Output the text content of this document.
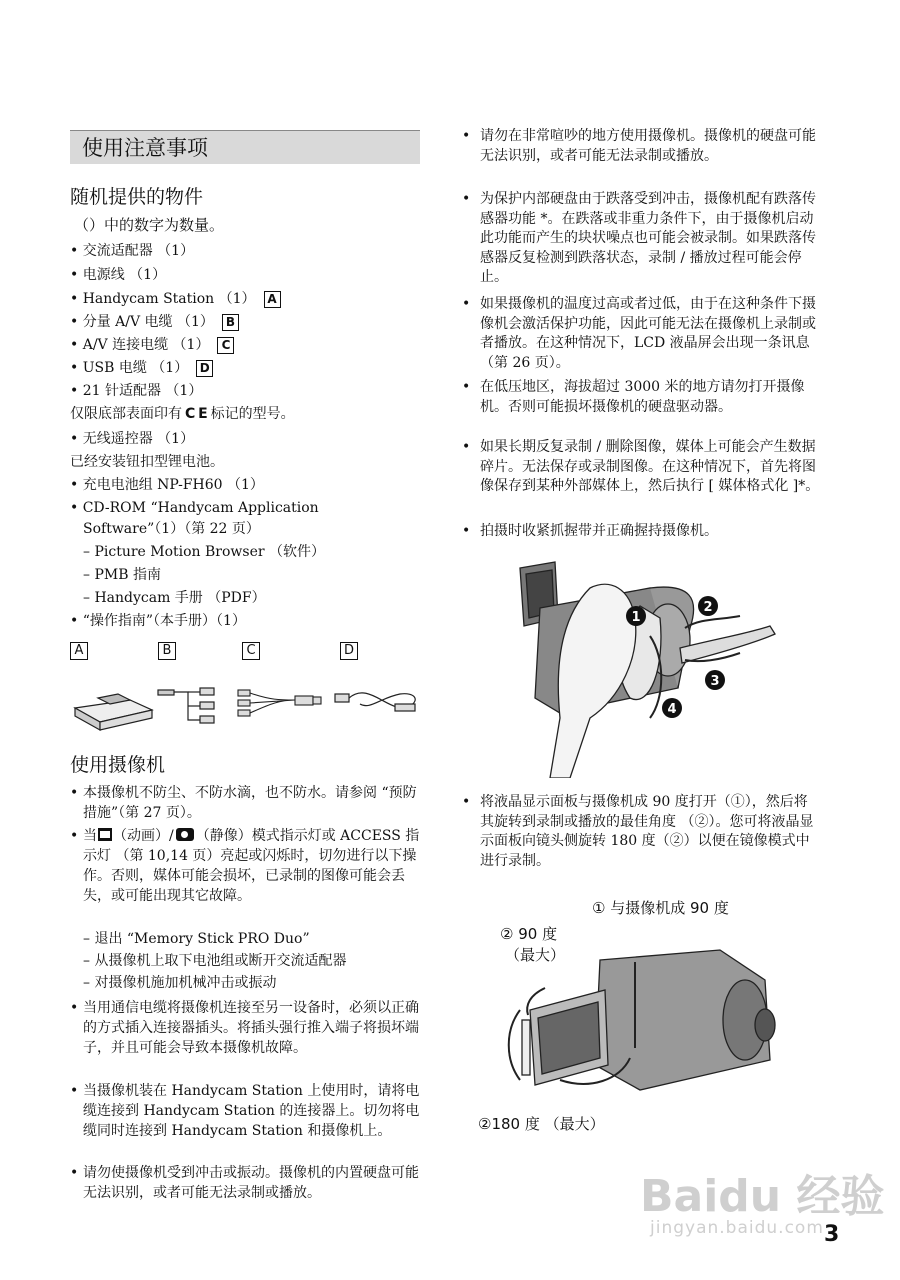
使用注意事项
随机提供的物件
（）中的数字为数量。
• 交流适配器 （1）
• 电源线 （1）
• Handycam Station （1） A
• 分量 A/V 电缆 （1） B
• A/V 连接电缆 （1） C
• USB 电缆 （1） D
• 21 针适配器 （1）
仅限底部表面印有 C E 标记的型号。
• 无线遥控器 （1）
已经安装钮扣型锂电池。
• 充电电池组 NP-FH60 （1）
• CD-ROM “Handycam Application
Software”（1）（第 22 页）
– Picture Motion Browser （软件）
– PMB 指南
– Handycam 手册 （PDF）
• “操作指南”（本手册）（1）
A	B	C	D
使用摄像机
• 本摄像机不防尘、不防水滴，也不防水。请参阅 “预防措施”（第 27 页）。
• 当 （动画）/ （静像）模式指示灯或 ACCESS 指示灯 （第 10,14 页）亮起或闪烁时，切勿进行以下操作。否则，媒体可能会损坏，已录制的图像可能会丢失，或可能出现其它故障。
– 退出 “Memory Stick PRO Duo”
– 从摄像机上取下电池组或断开交流适配器
– 对摄像机施加机械冲击或振动
• 当用通信电缆将摄像机连接至另一设备时，必须以正确的方式插入连接器插头。将插头强行推入端子将损坏端子，并且可能会导致本摄像机故障。
• 当摄像机装在 Handycam Station 上使用时，请将电缆连接到 Handycam Station 的连接器上。切勿将电缆同时连接到 Handycam Station 和摄像机上。
• 请勿使摄像机受到冲击或振动。摄像机的内置硬盘可能无法识别，或者可能无法录制或播放。
• 请勿在非常喧吵的地方使用摄像机。摄像机的硬盘可能无法识别，或者可能无法录制或播放。
• 为保护内部硬盘由于跌落受到冲击，摄像机配有跌落传感器功能 *。在跌落或非重力条件下，由于摄像机启动此功能而产生的块状噪点也可能会被录制。如果跌落传感器反复检测到跌落状态，录制 / 播放过程可能会停止。
• 如果摄像机的温度过高或者过低，由于在这种条件下摄像机会激活保护功能，因此可能无法在摄像机上录制或者播放。在这种情况下，LCD 液晶屏会出现一条讯息（第 26 页）。
• 在低压地区，海拔超过 3000 米的地方请勿打开摄像机。否则可能损坏摄像机的硬盘驱动器。
• 如果长期反复录制 / 删除图像，媒体上可能会产生数据碎片。无法保存或录制图像。在这种情况下，首先将图像保存到某种外部媒体上，然后执行 [ 媒体格式化 ]*。
• 拍摄时收紧抓握带并正确握持摄像机。
1
2
3
4
• 将液晶显示面板与摄像机成 90 度打开（①），然后将其旋转到录制或播放的最佳角度 （②）。您可将液晶显示面板向镜头侧旋转 180 度（②）以便在镜像模式中进行录制。
① 与摄像机成 90 度
② 90 度
（最大）
②180 度 （最大）
Baidu 经验
jingyan.baidu.com 3
